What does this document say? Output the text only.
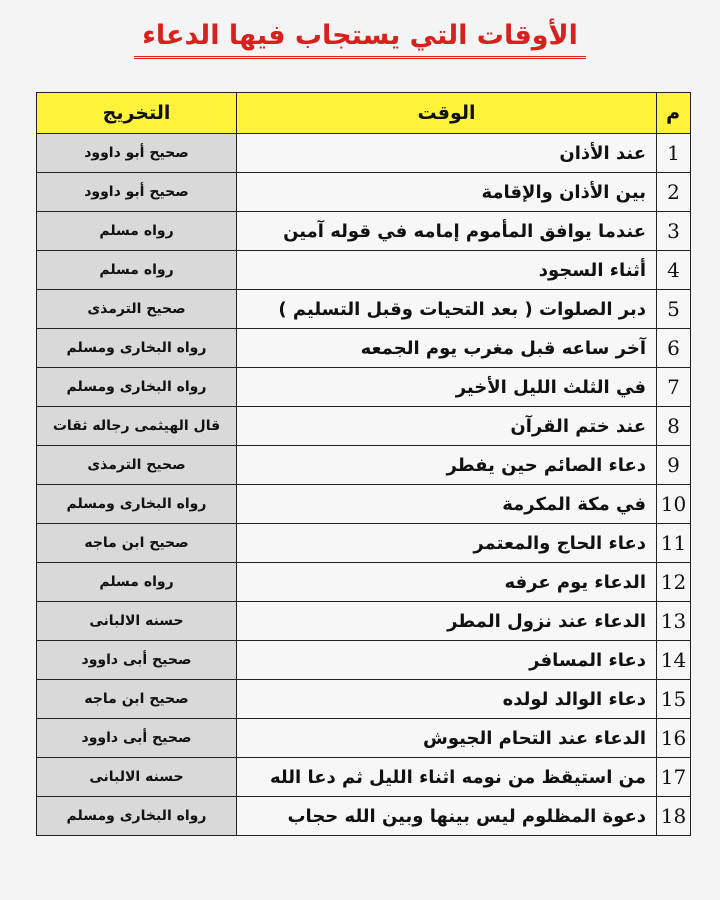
الأوقات التي يستجاب فيها الدعاء
م	الوقت	التخريج
1	عند الأذان	صحيح أبو داوود
2	بين الأذان والإقامة	صحيح أبو داوود
3	عندما يوافق المأموم إمامه في قوله آمين	رواه مسلم
4	أثناء السجود	رواه مسلم
5	دبر الصلوات ( بعد التحيات وقبل التسليم )	صحيح الترمذى
6	آخر ساعه قبل مغرب يوم الجمعه	رواه البخارى ومسلم
7	في الثلث الليل الأخير	رواه البخارى ومسلم
8	عند ختم القرآن	قال الهيثمى رجاله ثقات
9	دعاء الصائم حين يفطر	صحيح الترمذى
10	في مكة المكرمة	رواه البخارى ومسلم
11	دعاء الحاج والمعتمر	صحيح ابن ماجه
12	الدعاء يوم عرفه	رواه مسلم
13	الدعاء عند نزول المطر	حسنه الالبانى
14	دعاء المسافر	صحيح أبى داوود
15	دعاء الوالد لولده	صحيح ابن ماجه
16	الدعاء عند التحام الجيوش	صحيح أبى داوود
17	من استيقظ من نومه اثناء الليل ثم دعا الله	حسنه الالبانى
18	دعوة المظلوم ليس بينها وبين الله حجاب	رواه البخارى ومسلم
